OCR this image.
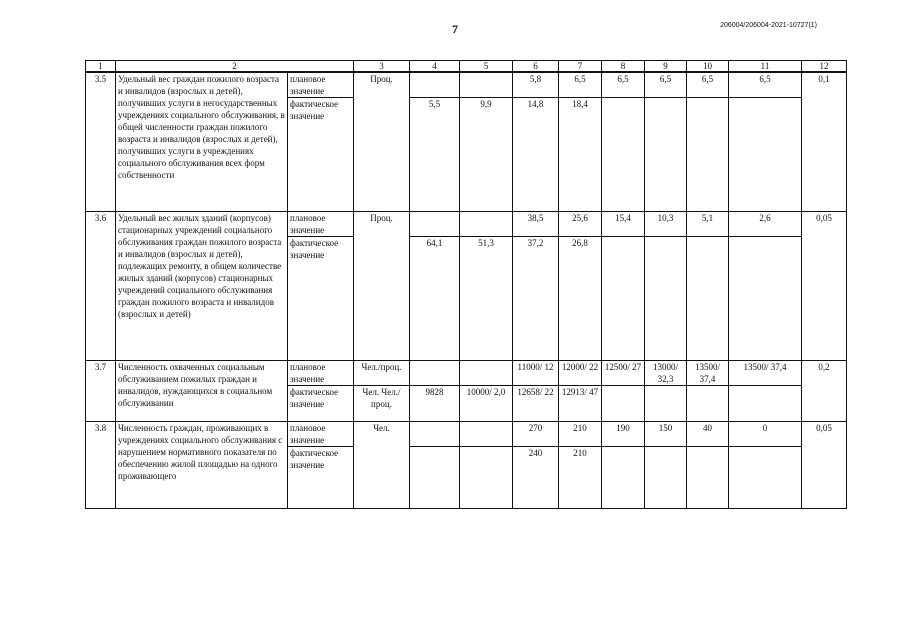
7	206004/206004-2021-10727(1)
1	2		3	4	5	6	7	8	9	10	11	12
3.5	Удельный вес граждан пожилого возраста и инвалидов (взрослых и детей), получивших услуги в негосударственных учреждениях социального обслуживания, в общей численности граждан пожилого возраста и инвалидов (взрослых и детей), получивших услуги в учреждениях социального обслуживания всех форм собственности	плановое значение	Проц.			5,8	6,5	6,5	6,5	6,5	6,5	0,1
		фактическое значение		5,5	9,9	14,8	18,4					
3.6	Удельный вес жилых зданий (корпусов) стационарных учреждений социального обслуживания граждан пожилого возраста и инвалидов (взрослых и детей), подлежащих ремонту, в общем количестве жилых зданий (корпусов) стационарных учреждений социального обслуживания граждан пожилого возраста и инвалидов (взрослых и детей)	плановое значение	Проц.			38,5	25,6	15,4	10,3	5,1	2,6	0,05
		фактическое значение		64,1	51,3	37,2	26,8					
3.7	Численность охваченных социальным обслуживанием пожилых граждан и инвалидов, нуждающихся в социальном обслуживании	плановое значение	Чел./проц.			11000/ 12	12000/ 22	12500/ 27	13000/ 32,3	13500/ 37,4	13500/ 37,4	0,2
		фактическое значение	Чел. Чел./проц.	9828	10000/ 2,0	12658/ 22	12913/ 47					
3.8	Численность граждан, проживающих в учреждениях социального обслуживания с нарушением нормативного показателя по обеспечению жилой площадью на одного проживающего	плановое значение	Чел.			270	210	190	150	40	0	0,05
		фактическое значение				240	210					
